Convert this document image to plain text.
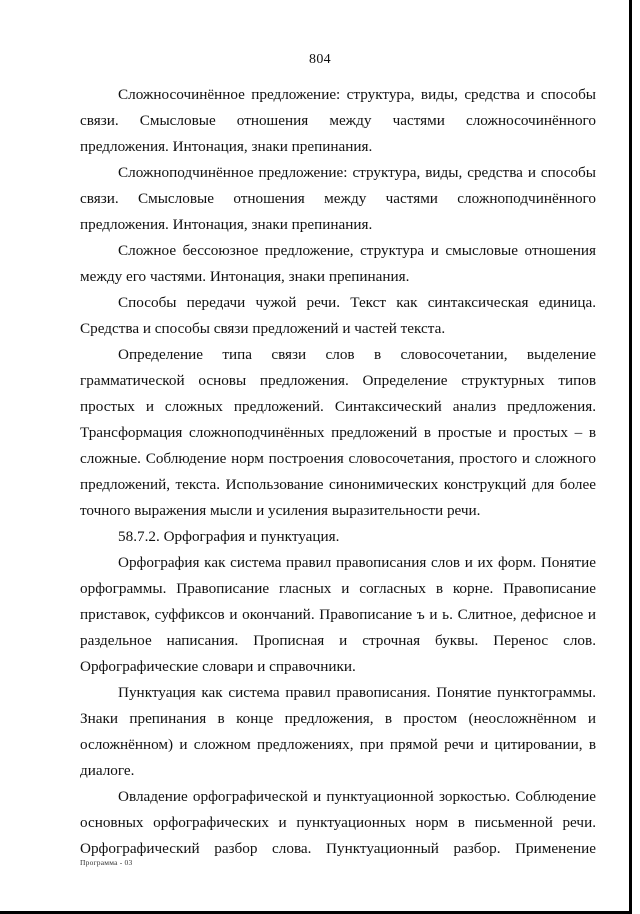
804

Сложносочинённое предложение: структура, виды, средства и способы связи. Смысловые отношения между частями сложносочинённого предложения. Интонация, знаки препинания.

Сложноподчинённое предложение: структура, виды, средства и способы связи. Смысловые отношения между частями сложноподчинённого предложения. Интонация, знаки препинания.

Сложное бессоюзное предложение, структура и смысловые отношения между его частями. Интонация, знаки препинания.

Способы передачи чужой речи. Текст как синтаксическая единица. Средства и способы связи предложений и частей текста.

Определение типа связи слов в словосочетании, выделение грамматической основы предложения. Определение структурных типов простых и сложных предложений. Синтаксический анализ предложения. Трансформация сложноподчинённых предложений в простые и простых – в сложные. Соблюдение норм построения словосочетания, простого и сложного предложений, текста. Использование синонимических конструкций для более точного выражения мысли и усиления выразительности речи.

58.7.2. Орфография и пунктуация.

Орфография как система правил правописания слов и их форм. Понятие орфограммы. Правописание гласных и согласных в корне. Правописание приставок, суффиксов и окончаний. Правописание ъ и ь. Слитное, дефисное и раздельное написания. Прописная и строчная буквы. Перенос слов. Орфографические словари и справочники.

Пунктуация как система правил правописания. Понятие пунктограммы. Знаки препинания в конце предложения, в простом (неосложнённом и осложнённом) и сложном предложениях, при прямой речи и цитировании, в диалоге.

Овладение орфографической и пунктуационной зоркостью. Соблюдение основных орфографических и пунктуационных норм в письменной речи. Орфографический разбор слова. Пунктуационный разбор. Применение

Программа - 03
